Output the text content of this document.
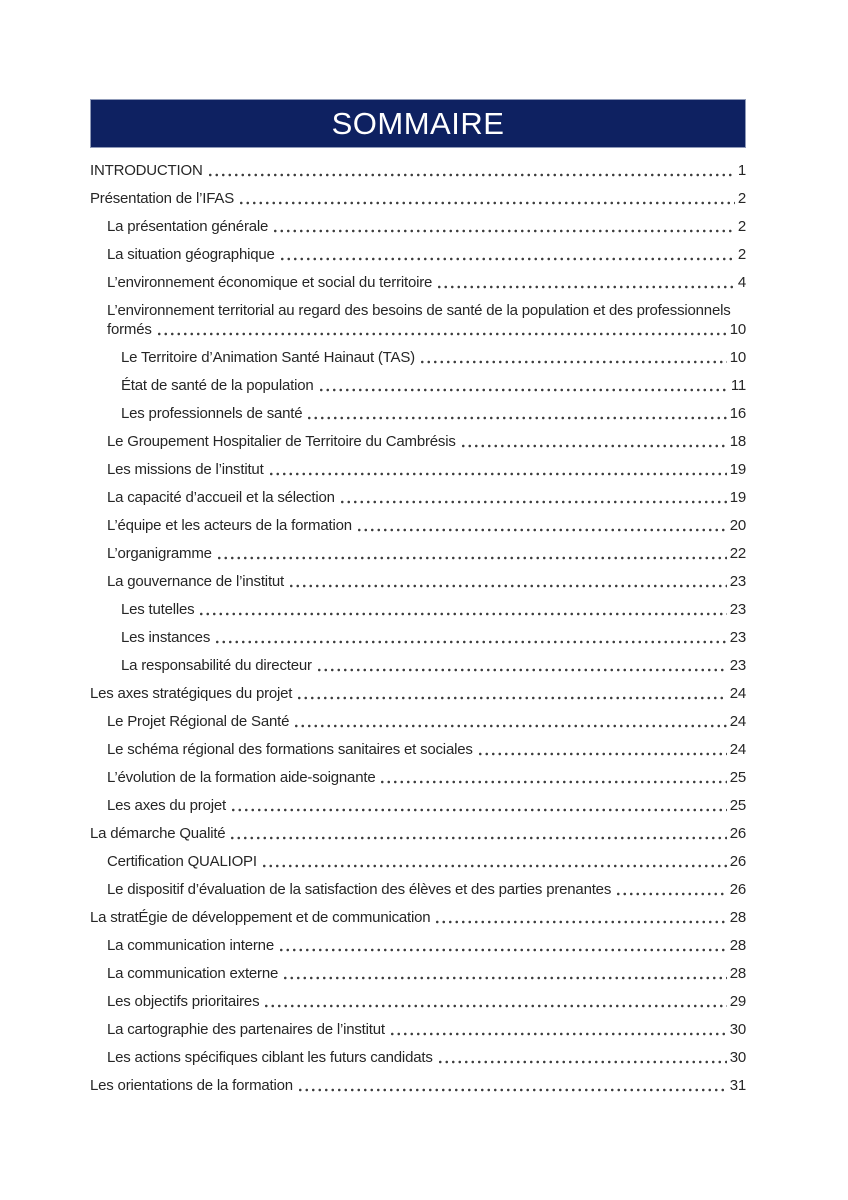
SOMMAIRE
INTRODUCTION	1
Présentation de l’IFAS	2
La présentation générale	2
La situation géographique	2
L’environnement économique et social du territoire	4
L’environnement territorial au regard des besoins de santé de la population et des professionnels
formés	10
Le Territoire d’Animation Santé Hainaut (TAS)	10
État de santé de la population	11
Les professionnels de santé	16
Le Groupement Hospitalier de Territoire du Cambrésis	18
Les missions de l’institut	19
La capacité d’accueil et la sélection	19
L’équipe et les acteurs de la formation	20
L’organigramme	22
La gouvernance de l’institut	23
Les tutelles	23
Les instances	23
La responsabilité du directeur	23
Les axes stratégiques du projet	24
Le Projet Régional de Santé	24
Le schéma régional des formations sanitaires et sociales	24
L’évolution de la formation aide-soignante	25
Les axes du projet	25
La démarche Qualité	26
Certification QUALIOPI	26
Le dispositif d’évaluation de la satisfaction des élèves et des parties prenantes	26
La stratÉgie de développement et de communication	28
La communication interne	28
La communication externe	28
Les objectifs prioritaires	29
La cartographie des partenaires de l’institut	30
Les actions spécifiques ciblant les futurs candidats	30
Les orientations de la formation	31
